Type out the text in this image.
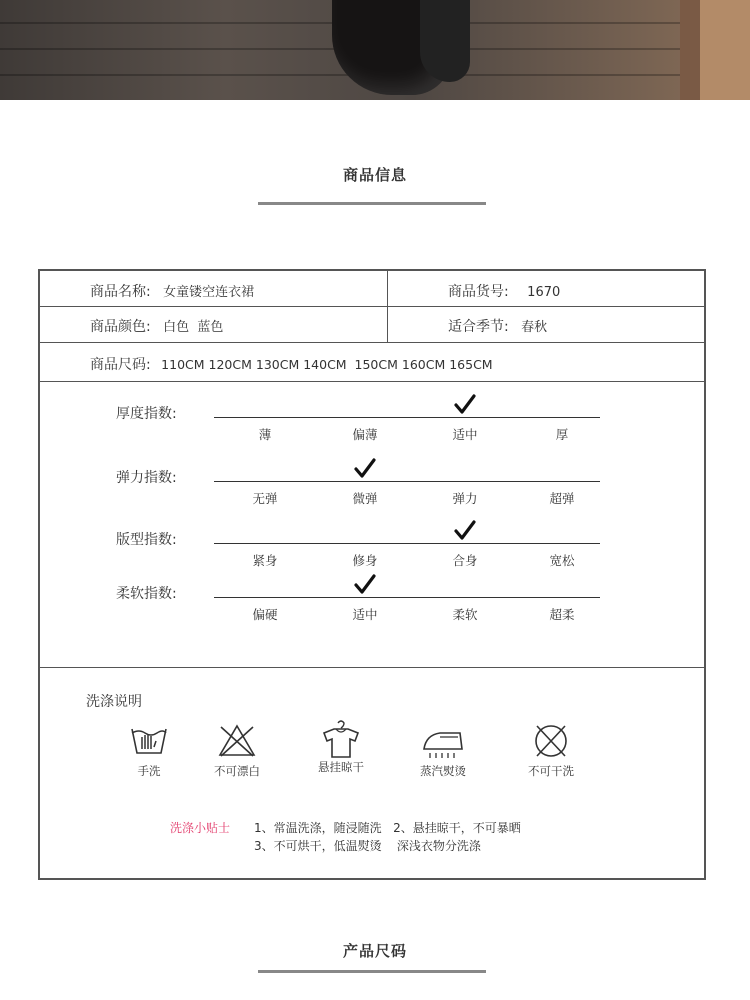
商品信息
商品名称: 女童镂空连衣裙	商品货号: 1670
商品颜色: 白色  蓝色	适合季节: 春秋
商品尺码: 110CM 120CM 130CM 140CM  150CM 160CM 165CM
厚度指数:
薄	偏薄	适中	厚
弹力指数:
无弹	微弹	弹力	超弹
版型指数:
紧身	修身	合身	宽松
柔软指数:
偏硬	适中	柔软	超柔
洗涤说明
手洗	不可漂白	悬挂晾干	蒸汽熨烫	不可干洗
洗涤小贴士 1、常温洗涤，随浸随洗   2、悬挂晾干，不可暴晒
3、不可烘干，低温熨烫    深浅衣物分洗涤
产品尺码
